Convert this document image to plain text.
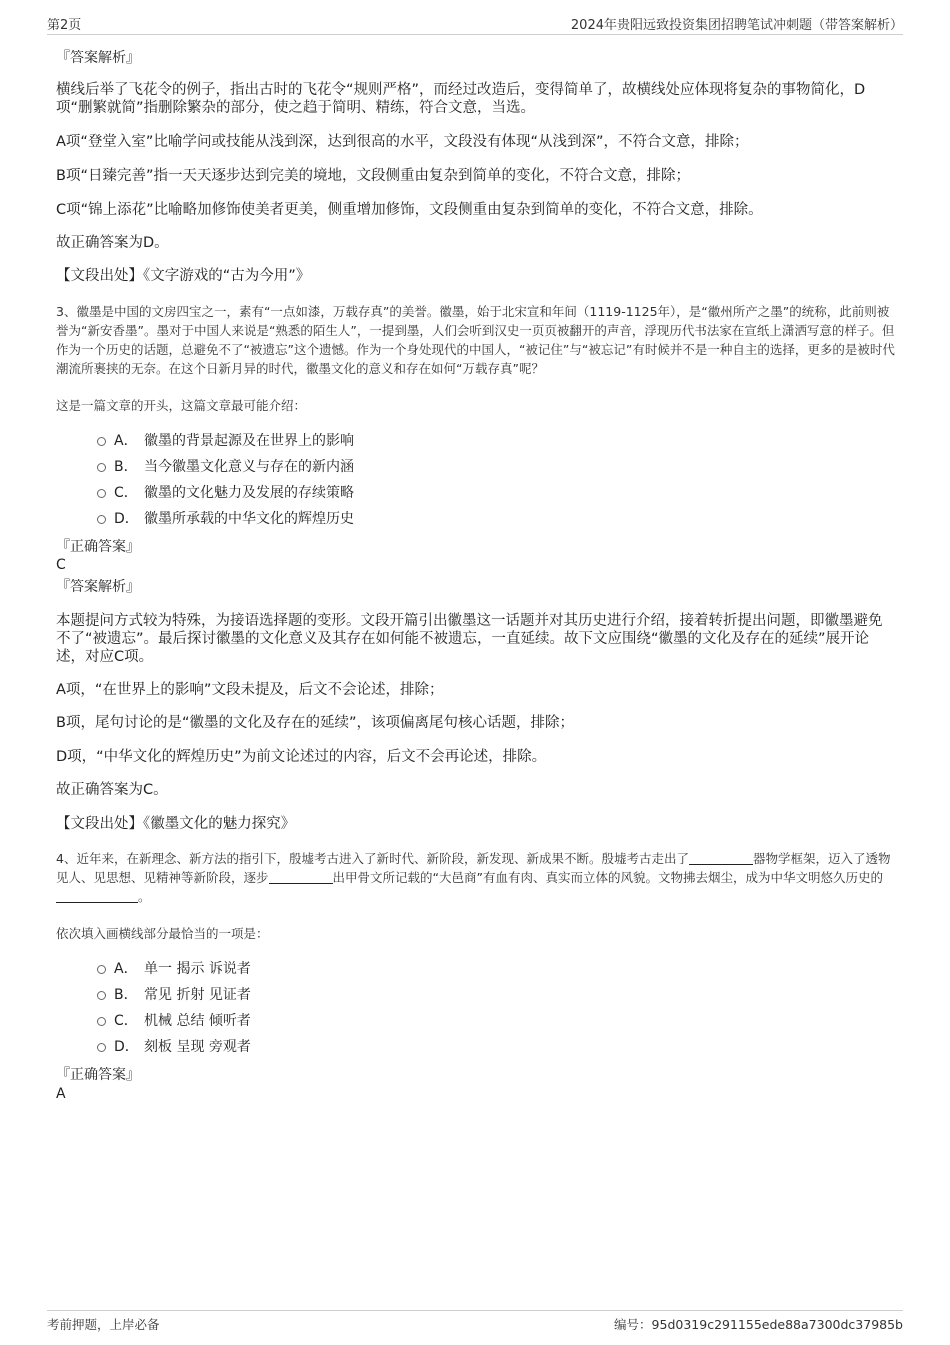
第2页	2024年贵阳远致投资集团招聘笔试冲刺题（带答案解析）
『答案解析』
横线后举了飞花令的例子，指出古时的飞花令“规则严格”，而经过改造后，变得简单了，故横线处应体现将复杂的事物简化，D项“删繁就简”指删除繁杂的部分，使之趋于简明、精练，符合文意，当选。
A项“登堂入室”比喻学问或技能从浅到深，达到很高的水平，文段没有体现“从浅到深”，不符合文意，排除；
B项“日臻完善”指一天天逐步达到完美的境地，文段侧重由复杂到简单的变化，不符合文意，排除；
C项“锦上添花”比喻略加修饰使美者更美，侧重增加修饰，文段侧重由复杂到简单的变化，不符合文意，排除。
故正确答案为D。
【文段出处】《文字游戏的“古为今用”》
3、徽墨是中国的文房四宝之一，素有“一点如漆，万载存真”的美誉。徽墨，始于北宋宣和年间（1119-1125年），是“徽州所产之墨”的统称，此前则被誉为“新安香墨”。墨对于中国人来说是“熟悉的陌生人”，一提到墨，人们会听到汉史一页页被翻开的声音，浮现历代书法家在宣纸上潇洒写意的样子。但作为一个历史的话题，总避免不了“被遗忘”这个遗憾。作为一个身处现代的中国人，“被记住”与“被忘记”有时候并不是一种自主的选择，更多的是被时代潮流所裹挟的无奈。在这个日新月异的时代，徽墨文化的意义和存在如何“万载存真”呢？
这是一篇文章的开头，这篇文章最可能介绍：
A． 徽墨的背景起源及在世界上的影响
B． 当今徽墨文化意义与存在的新内涵
C． 徽墨的文化魅力及发展的存续策略
D． 徽墨所承载的中华文化的辉煌历史
『正确答案』
C
『答案解析』
本题提问方式较为特殊，为接语选择题的变形。文段开篇引出徽墨这一话题并对其历史进行介绍，接着转折提出问题，即徽墨避免不了“被遗忘”。最后探讨徽墨的文化意义及其存在如何能不被遗忘，一直延续。故下文应围绕“徽墨的文化及存在的延续”展开论述，对应C项。
A项，“在世界上的影响”文段未提及，后文不会论述，排除；
B项，尾句讨论的是“徽墨的文化及存在的延续”，该项偏离尾句核心话题，排除；
D项，“中华文化的辉煌历史”为前文论述过的内容，后文不会再论述，排除。
故正确答案为C。
【文段出处】《徽墨文化的魅力探究》
4、近年来，在新理念、新方法的指引下，殷墟考古进入了新时代、新阶段，新发现、新成果不断。殷墟考古走出了	器物学框架，迈入了透物见人、见思想、见精神等新阶段，逐步	出甲骨文所记载的“大邑商”有血有肉、真实而立体的风貌。文物拂去烟尘，成为中华文明悠久历史的。
依次填入画横线部分最恰当的一项是：
A． 单一 揭示 诉说者
B． 常见 折射 见证者
C． 机械 总结 倾听者
D． 刻板 呈现 旁观者
『正确答案』
A
考前押题，上岸必备	编号：95d0319c291155ede88a7300dc37985b
